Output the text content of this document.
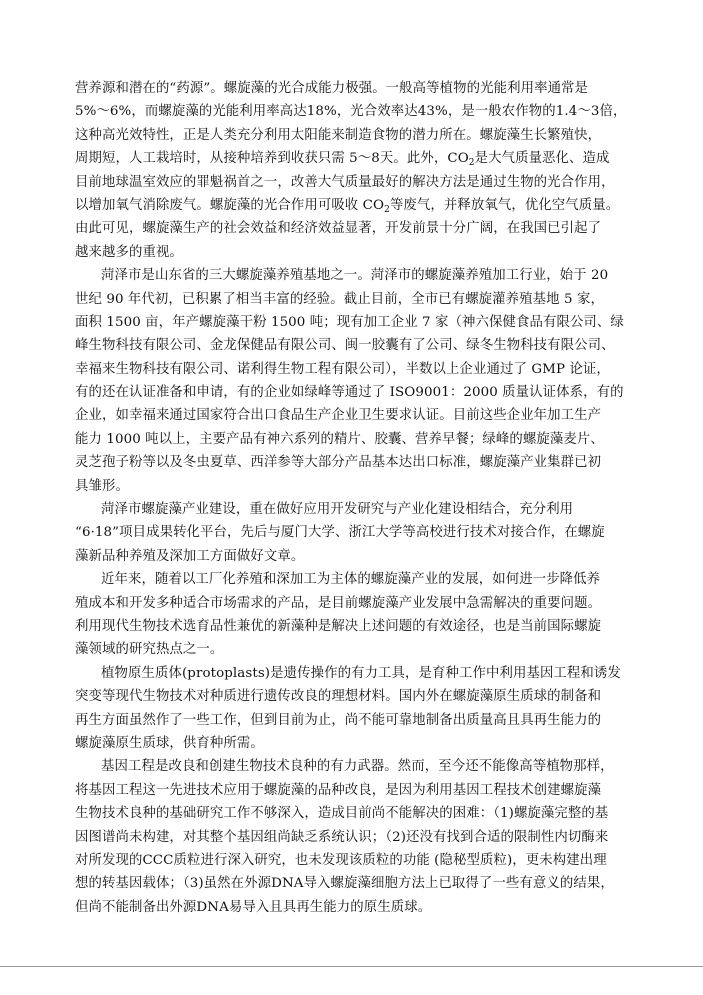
营养源和潜在的“药源”。螺旋藻的光合成能力极强。一般高等植物的光能利用率通常是
5%～6%，而螺旋藻的光能利用率高达18%，光合效率达43%，是一般农作物的1.4～3倍，
这种高光效特性，正是人类充分利用太阳能来制造食物的潜力所在。螺旋藻生长繁殖快，
周期短，人工栽培时，从接种培养到收获只需 5～8天。此外，$CO_2$是大气质量恶化、造成
目前地球温室效应的罪魁祸首之一，改善大气质量最好的解决方法是通过生物的光合作用，
以增加氧气消除废气。螺旋藻的光合作用可吸收 $CO_2$等废气，并释放氧气，优化空气质量。
由此可见，螺旋藻生产的社会效益和经济效益显著，开发前景十分广阔，在我国已引起了
越来越多的重视。
菏泽市是山东省的三大螺旋藻养殖基地之一。菏泽市的螺旋藻养殖加工行业，始于 20
世纪 90 年代初，已积累了相当丰富的经验。截止目前，全市已有螺旋灌养殖基地 5 家，
面积 1500 亩，年产螺旋藻干粉 1500 吨；现有加工企业 7 家（神六保健食品有限公司、绿
峰生物科技有限公司、金龙保健品有限公司、闽一胶囊有了公司、绿冬生物科技有限公司、
幸福来生物科技有限公司、诺利得生物工程有限公司），半数以上企业通过了 GMP 论证，
有的还在认证准备和申请，有的企业如绿峰等通过了 ISO9001：2000 质量认证体系，有的
企业，如幸福来通过国家符合出口食品生产企业卫生要求认证。目前这些企业年加工生产
能力 1000 吨以上，主要产品有神六系列的精片、胶囊、营养早餐；绿峰的螺旋藻麦片、
灵芝孢子粉等以及冬虫夏草、西洋参等大部分产品基本达出口标准，螺旋藻产业集群已初
具雏形。
菏泽市螺旋藻产业建设，重在做好应用开发研究与产业化建设相结合，充分利用
“6·18”项目成果转化平台，先后与厦门大学、浙江大学等高校进行技术对接合作，在螺旋
藻新品种养殖及深加工方面做好文章。
近年来，随着以工厂化养殖和深加工为主体的螺旋藻产业的发展，如何进一步降低养
殖成本和开发多种适合市场需求的产品，是目前螺旋藻产业发展中急需解决的重要问题。
利用现代生物技术选育品性兼优的新藻种是解决上述问题的有效途径，也是当前国际螺旋
藻领域的研究热点之一。
植物原生质体(protoplasts)是遗传操作的有力工具，是育种工作中利用基因工程和诱发
突变等现代生物技术对种质进行遗传改良的理想材料。国内外在螺旋藻原生质球的制备和
再生方面虽然作了一些工作，但到目前为止，尚不能可靠地制备出质量高且具再生能力的
螺旋藻原生质球，供育种所需。
基因工程是改良和创建生物技术良种的有力武器。然而，至今还不能像高等植物那样，
将基因工程这一先进技术应用于螺旋藻的品种改良，是因为利用基因工程技术创建螺旋藻
生物技术良种的基础研究工作不够深入，造成目前尚不能解决的困难：（1)螺旋藻完整的基
因图谱尚未构建，对其整个基因组尚缺乏系统认识；（2)还没有找到合适的限制性内切酶来
对所发现的CCC质粒进行深入研究，也未发现该质粒的功能 (隐秘型质粒)，更未构建出理
想的转基因载体；（3)虽然在外源DNA导入螺旋藻细胞方法上已取得了一些有意义的结果，
但尚不能制备出外源DNA易导入且具再生能力的原生质球。
